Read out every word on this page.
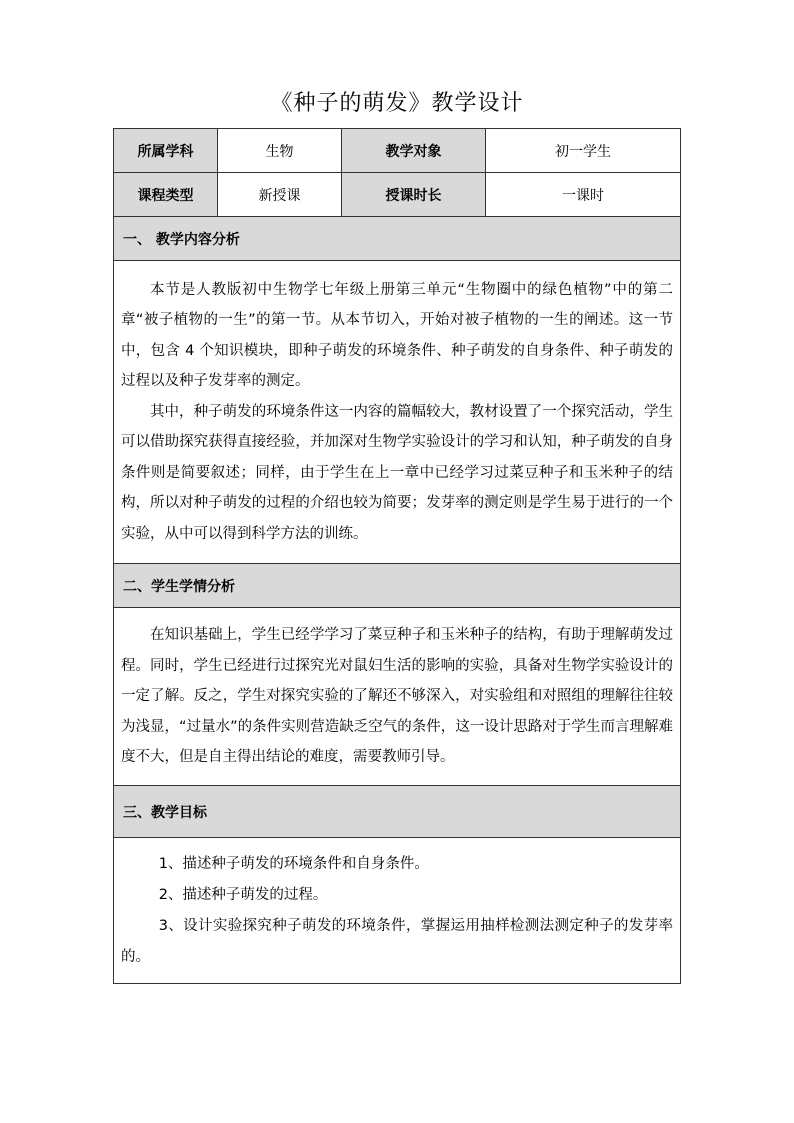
《种子的萌发》教学设计
所属学科	生物	教学对象	初一学生
课程类型	新授课	授课时长	一课时
一、 教学内容分析			

本节是人教版初中生物学七年级上册第三单元“生物圈中的绿色植物”中的第二章“被子植物的一生”的第一节。从本节切入，开始对被子植物的一生的阐述。这一节中，包含 4 个知识模块，即种子萌发的环境条件、种子萌发的自身条件、种子萌发的过程以及种子发芽率的测定。

其中，种子萌发的环境条件这一内容的篇幅较大，教材设置了一个探究活动，学生可以借助探究获得直接经验，并加深对生物学实验设计的学习和认知，种子萌发的自身条件则是简要叙述；同样，由于学生在上一章中已经学习过菜豆种子和玉米种子的结构，所以对种子萌发的过程的介绍也较为简要；发芽率的测定则是学生易于进行的一个实验，从中可以得到科学方法的训练。			

二、学生学情分析			

在知识基础上，学生已经学学习了菜豆种子和玉米种子的结构，有助于理解萌发过程。同时，学生已经进行过探究光对鼠妇生活的影响的实验，具备对生物学实验设计的一定了解。反之，学生对探究实验的了解还不够深入，对实验组和对照组的理解往往较为浅显，“过量水”的条件实则营造缺乏空气的条件，这一设计思路对于学生而言理解难度不大，但是自主得出结论的难度，需要教师引导。			

三、教学目标			

1、描述种子萌发的环境条件和自身条件。

2、描述种子萌发的过程。

3、设计实验探究种子萌发的环境条件，掌握运用抽样检测法测定种子的发芽率的。			
